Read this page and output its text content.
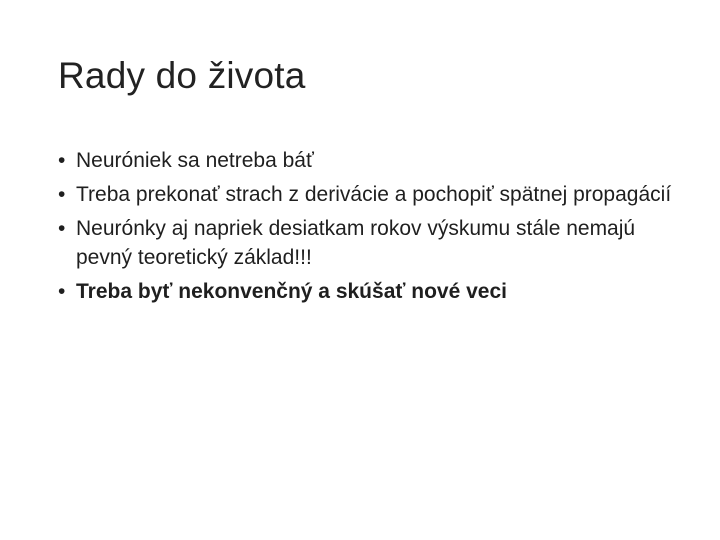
Rady do života
• Neuróniek sa netreba báť
• Treba prekonať strach z derivácie a pochopiť spätnej propagácií
• Neurónky aj napriek desiatkam rokov výskumu stále nemajú pevný teoretický základ!!!
• Treba byť nekonvenčný a skúšať nové veci
